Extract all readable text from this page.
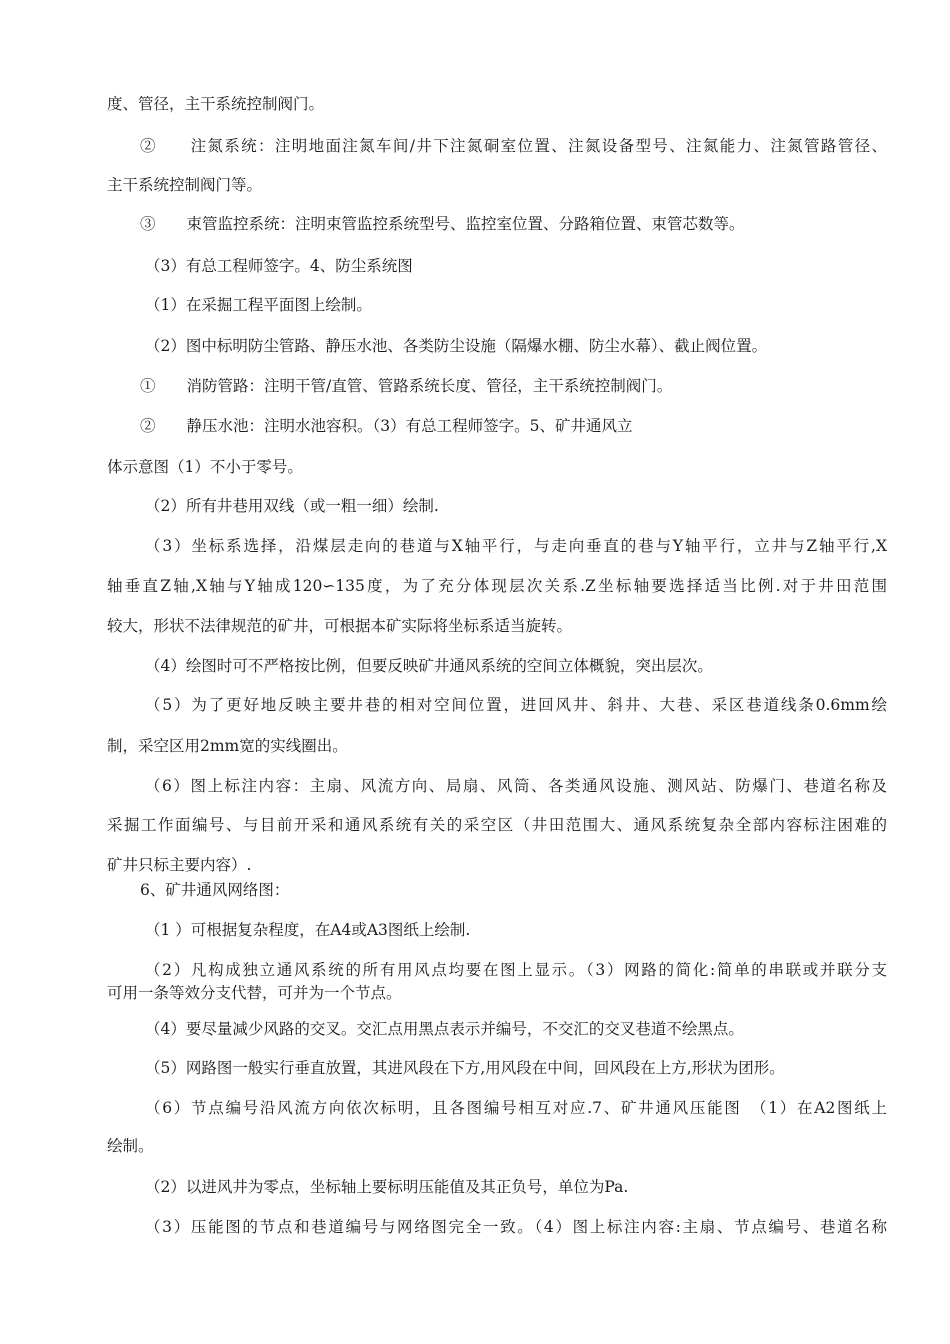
度、管径，主干系统控制阀门。
②　　注氮系统：注明地面注氮车间/井下注氮硐室位置、注氮设备型号、注氮能力、注氮管路管径、
主干系统控制阀门等。
③　　束管监控系统：注明束管监控系统型号、监控室位置、分路箱位置、束管芯数等。
（3）有总工程师签字。4、防尘系统图
（1）在采掘工程平面图上绘制。
（2）图中标明防尘管路、静压水池、各类防尘设施（隔爆水棚、防尘水幕）、截止阀位置。
①　　消防管路：注明干管/直管、管路系统长度、管径，主干系统控制阀门。
②　　静压水池：注明水池容积。（3）有总工程师签字。5、矿井通风立
体示意图（1）不小于零号。
（2）所有井巷用双线（或一粗一细）绘制.
（3）坐标系选择，沿煤层走向的巷道与X轴平行，与走向垂直的巷与Y轴平行，立井与Z轴平行,X
轴垂直Z轴,X轴与Y轴成120∽135度，为了充分体现层次关系.Z坐标轴要选择适当比例.对于井田范围
较大，形状不法律规范的矿井，可根据本矿实际将坐标系适当旋转。
（4）绘图时可不严格按比例，但要反映矿井通风系统的空间立体概貌，突出层次。
（5）为了更好地反映主要井巷的相对空间位置，进回风井、斜井、大巷、采区巷道线条0.6mm绘
制，采空区用2mm宽的实线圈出。
（6）图上标注内容：主扇、风流方向、局扇、风筒、各类通风设施、测风站、防爆门、巷道名称及
采掘工作面编号、与目前开采和通风系统有关的采空区（井田范围大、通风系统复杂全部内容标注困难的
矿井只标主要内容）.
6、矿井通风网络图：
（1 ）可根据复杂程度，在A4或A3图纸上绘制.
（2）凡构成独立通风系统的所有用风点均要在图上显示。（3）网路的简化:简单的串联或并联分支
可用一条等效分支代替，可并为一个节点。
（4）要尽量减少风路的交叉。交汇点用黑点表示并编号，不交汇的交叉巷道不绘黑点。
（5）网路图一般实行垂直放置，其进风段在下方,用风段在中间，回风段在上方,形状为团形。
（6）节点编号沿风流方向依次标明，且各图编号相互对应.7、矿井通风压能图　（1）在A2图纸上
绘制。
（2）以进风井为零点，坐标轴上要标明压能值及其正负号，单位为Pa.
（3）压能图的节点和巷道编号与网络图完全一致。（4）图上标注内容:主扇、节点编号、巷道名称
